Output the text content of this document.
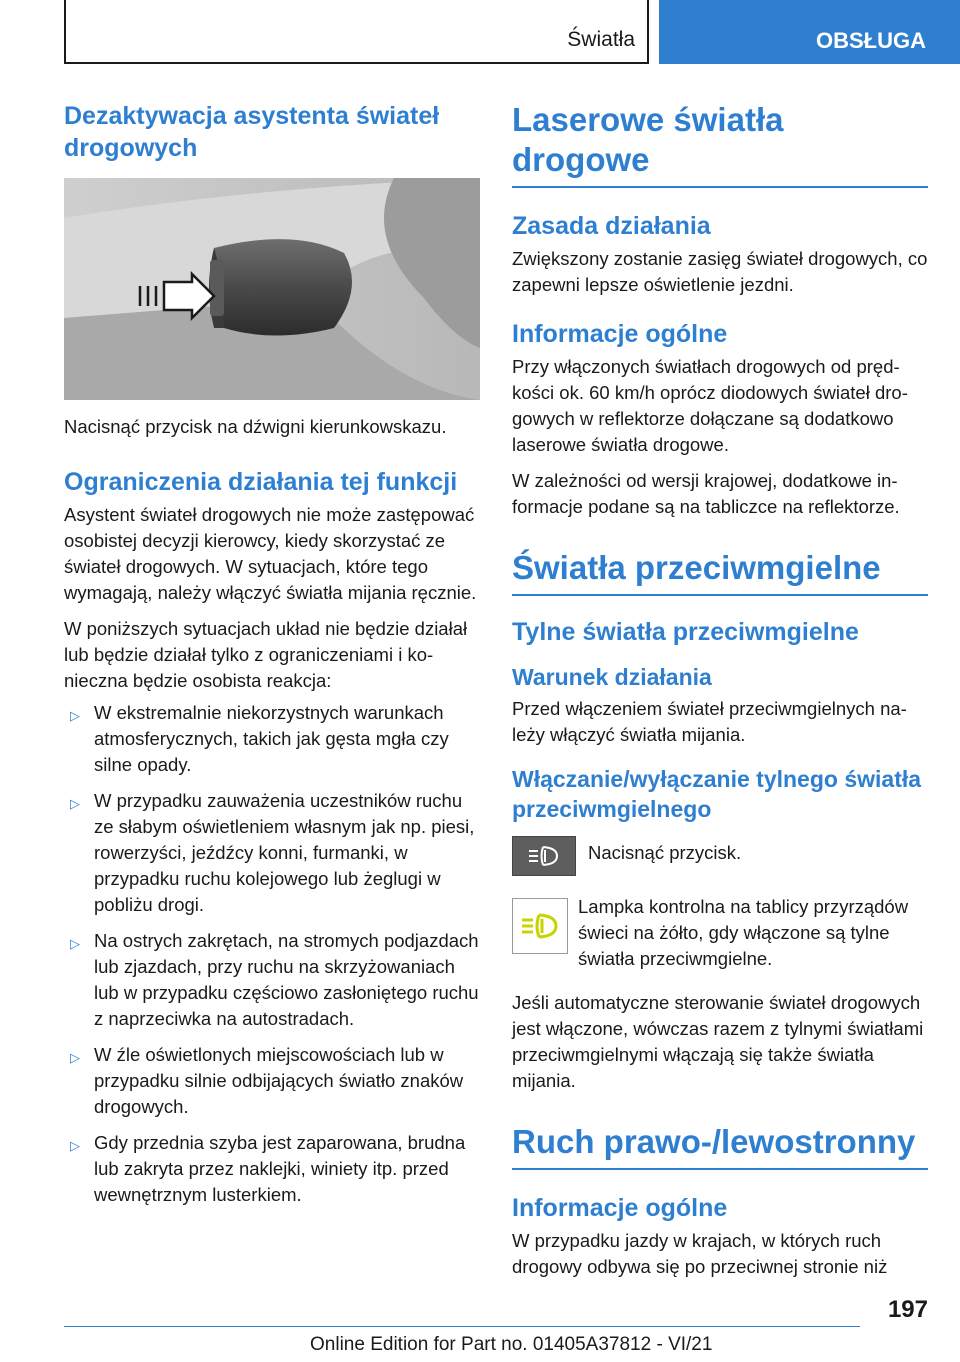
Światła	OBSŁUGA
Dezaktywacja asystenta świateł drogowych

Nacisnąć przycisk na dźwigni kierunkowskazu.

Ograniczenia działania tej funkcji

Asystent świateł drogowych nie może zastępować osobistej decyzji kierowcy, kiedy skorzystać ze świateł drogowych. W sytuacjach, które tego wymagają, należy włączyć światła mijania ręcznie.

W poniższych sytuacjach układ nie będzie działał lub będzie działał tylko z ograniczeniami i konieczna będzie osobista reakcja:

▷ W ekstremalnie niekorzystnych warunkach atmosferycznych, takich jak gęsta mgła czy silne opady.
▷ W przypadku zauważenia uczestników ruchu ze słabym oświetleniem własnym jak np. piesi, rowerzyści, jeźdźcy konni, furmanki, w przypadku ruchu kolejowego lub żeglugi w pobliżu drogi.
▷ Na ostrych zakrętach, na stromych podjazdach lub zjazdach, przy ruchu na skrzyżowaniach lub w przypadku częściowo zasłoniętego ruchu z naprzeciwka na autostradach.
▷ W źle oświetlonych miejscowościach lub w przypadku silnie odbijających światło znaków drogowych.
▷ Gdy przednia szyba jest zaparowana, brudna lub zakryta przez naklejki, winiety itp. przed wewnętrznym lusterkiem.
Laserowe światła drogowe
Zasada działania

Zwiększony zostanie zasięg świateł drogowych, co zapewni lepsze oświetlenie jezdni.

Informacje ogólne

Przy włączonych światłach drogowych od prędkości ok. 60 km/h oprócz diodowych świateł drogowych w reflektorze dołączane są dodatkowo laserowe światła drogowe.

W zależności od wersji krajowej, dodatkowe informacje podane są na tabliczce na reflektorze.

Światła przeciwmgielne
Tylne światła przeciwmgielne
Warunek działania

Przed włączeniem świateł przeciwmgielnych należy włączyć światła mijania.

Włączanie/wyłączanie tylnego światła przeciwmgielnego

Nacisnąć przycisk.

Lampka kontrolna na tablicy przyrządów świeci na żółto, gdy włączone są tylne światła przeciwmgielne.

Jeśli automatyczne sterowanie świateł drogowych jest włączone, wówczas razem z tylnymi światłami przeciwmgielnymi włączają się także światła mijania.

Ruch prawo-/lewostronny
Informacje ogólne

W przypadku jazdy w krajach, w których ruch drogowy odbywa się po przeciwnej stronie niż

197
Online Edition for Part no. 01405A37812 - VI/21
